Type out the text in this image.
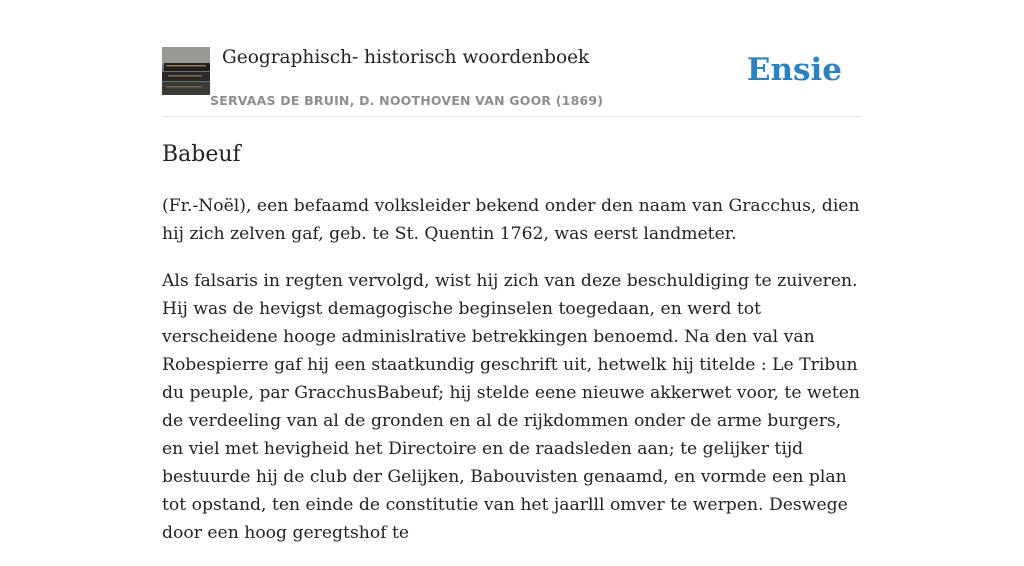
Geographisch- historisch woordenboek
SERVAAS DE BRUIN, D. NOOTHOVEN VAN GOOR (1869)
Ensie
Babeuf

(Fr.-Noël), een befaamd volksleider bekend onder den naam van Gracchus, dien hij zich zelven gaf, geb. te St. Quentin 1762, was eerst landmeter.

Als falsaris in regten vervolgd, wist hij zich van deze beschuldiging te zuiveren. Hij was de hevigst demagogische beginselen toegedaan, en werd tot verscheidene hooge adminislrative betrekkingen benoemd. Na den val van Robespierre gaf hij een staatkundig geschrift uit, hetwelk hij titelde : Le Tribun du peuple, par GracchusBabeuf; hij stelde eene nieuwe akkerwet voor, te weten de verdeeling van al de gronden en al de rijkdommen onder de arme burgers, en viel met hevigheid het Directoire en de raadsleden aan; te gelijker tijd bestuurde hij de club der Gelijken, Babouvisten genaamd, en vormde een plan tot opstand, ten einde de constitutie van het jaarlll omver te werpen. Deswege door een hoog geregtshof te
